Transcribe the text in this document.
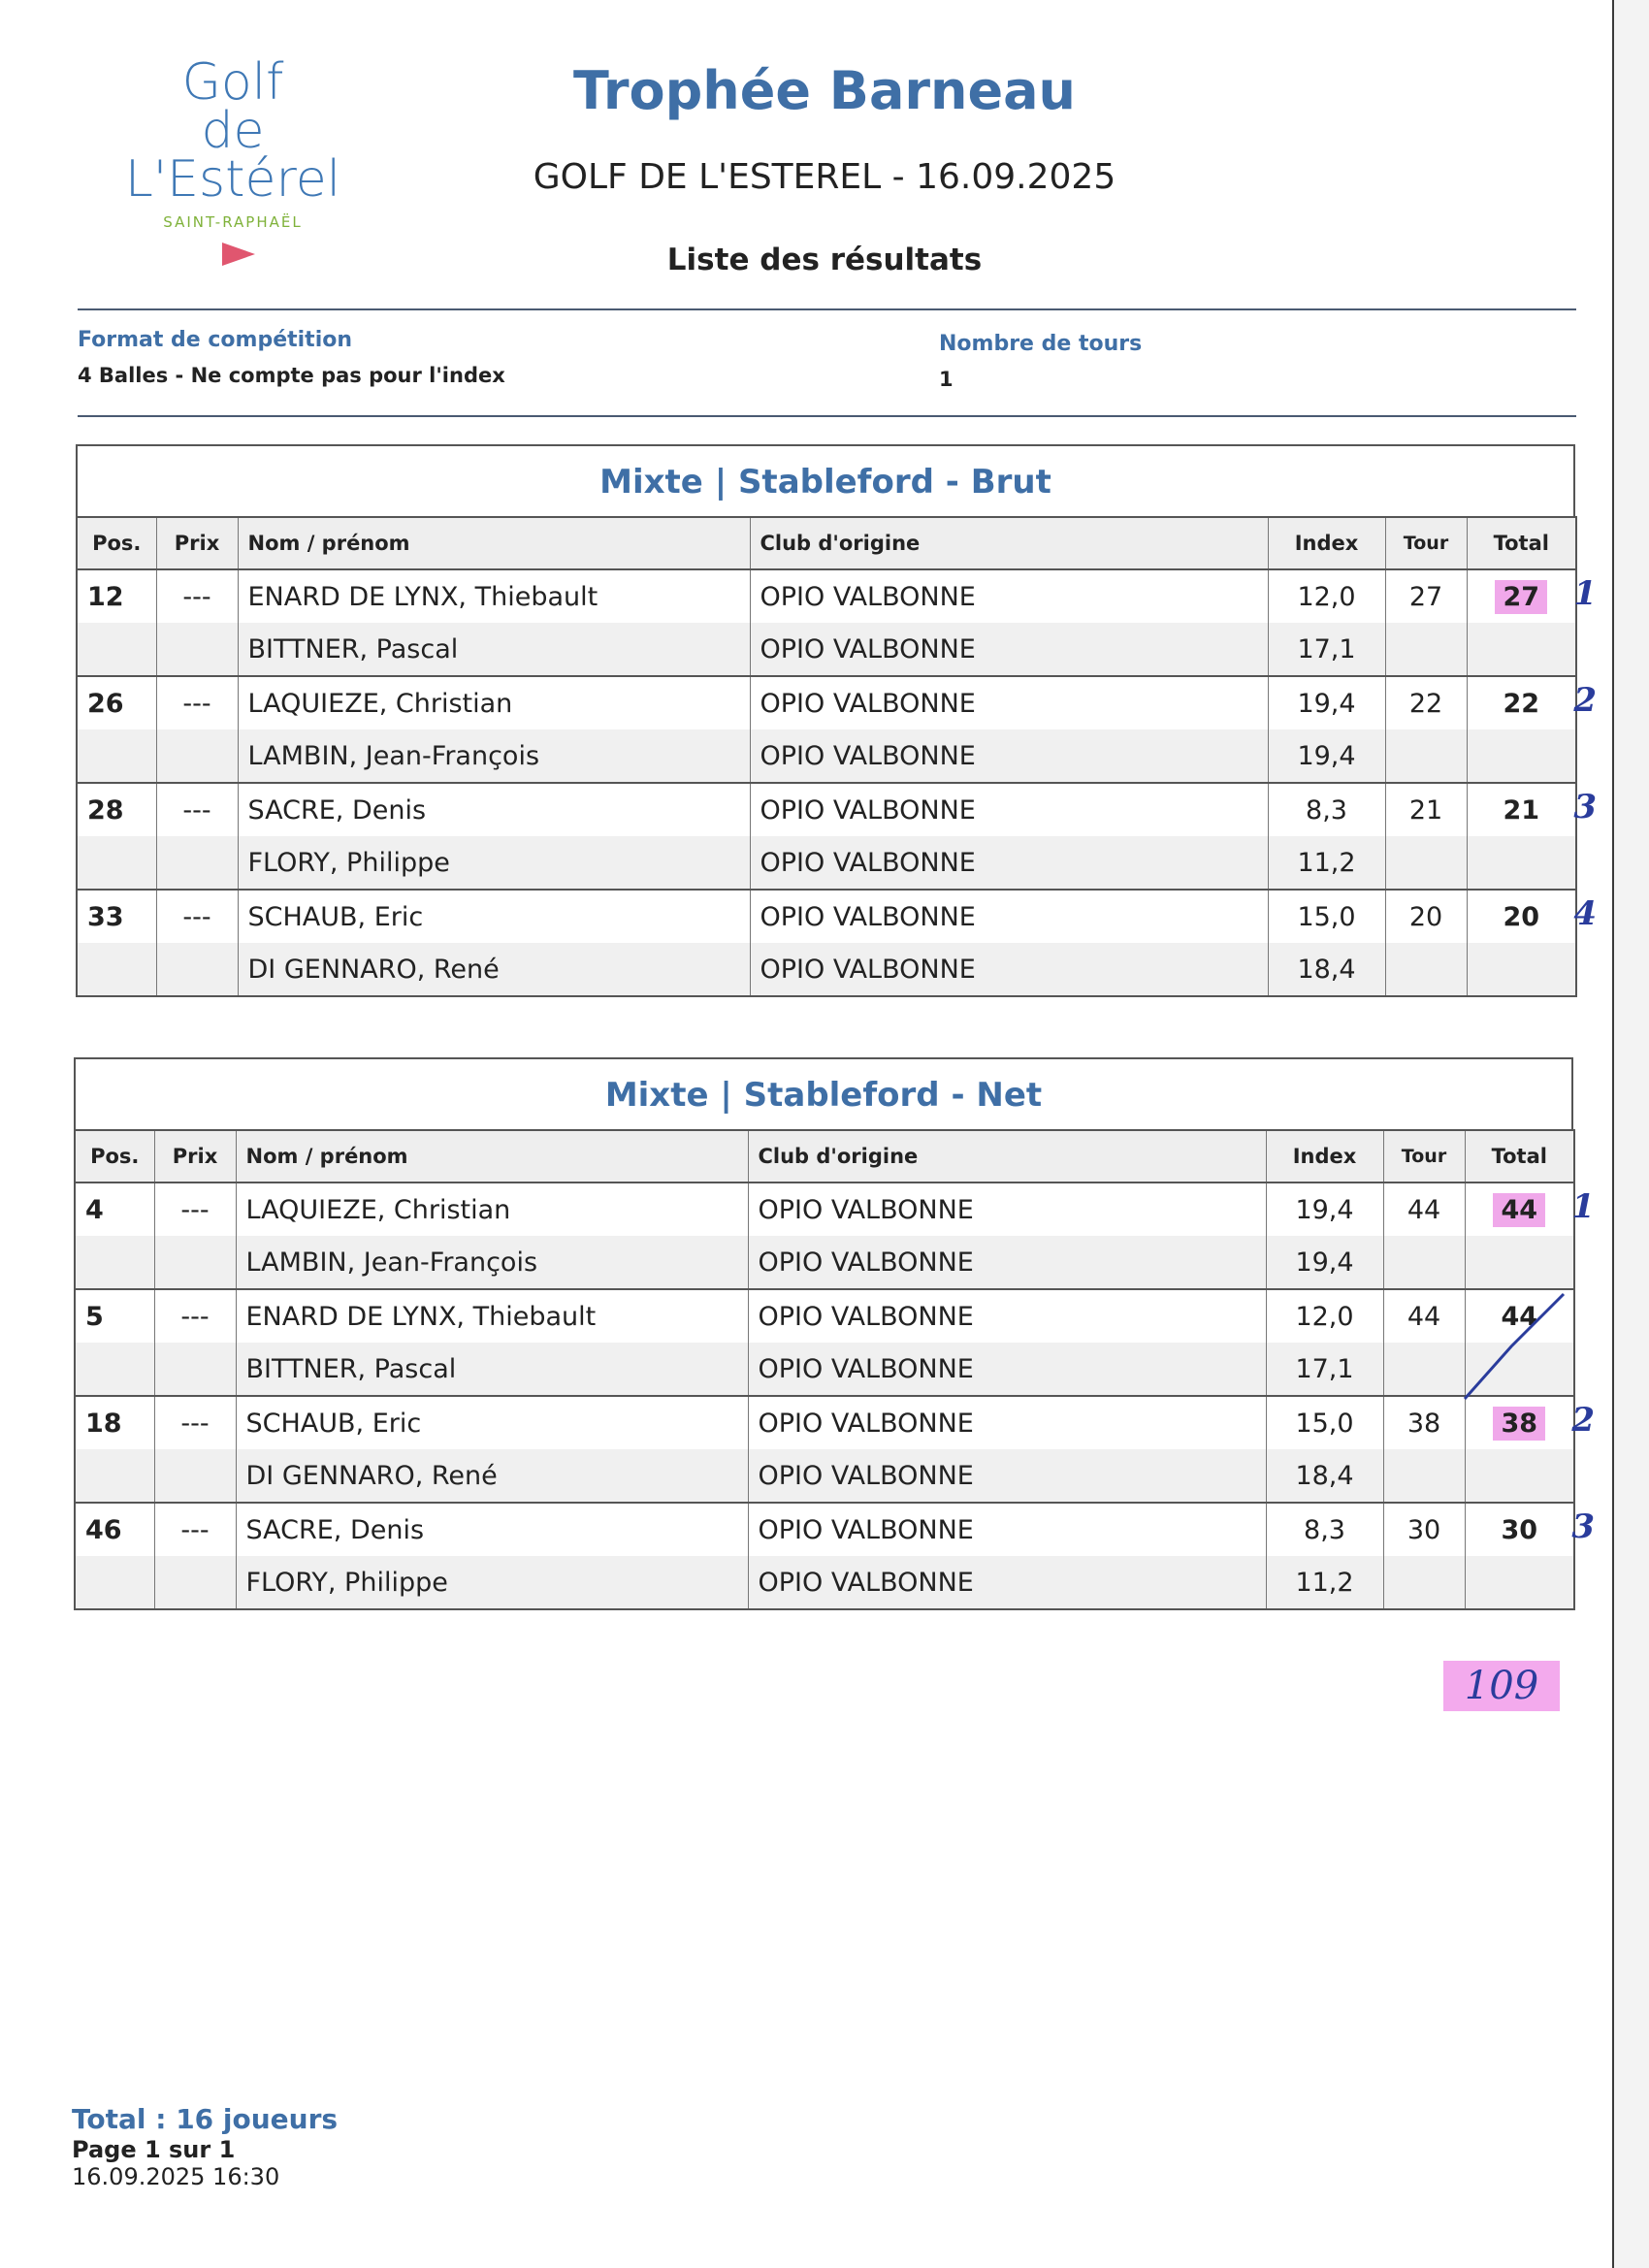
Golf
de
L'Estérel
SAINT-RAPHAËL
Trophée Barneau
GOLF DE L'ESTEREL - 16.09.2025
Liste des résultats
Format de compétition
4 Balles - Ne compte pas pour l'index
Nombre de tours
1
Mixte | Stableford - Brut
Pos.	Prix	Nom / prénom	Club d'origine	Index	Tour	Total
12	---	ENARD DE LYNX, Thiebault	OPIO VALBONNE	12,0	27	27 1

		BITTNER, Pascal	OPIO VALBONNE	17,1		
26	---	LAQUIEZE, Christian	OPIO VALBONNE	19,4	22	22 2

		LAMBIN, Jean-François	OPIO VALBONNE	19,4		
28	---	SACRE, Denis	OPIO VALBONNE	8,3	21	21 3

		FLORY, Philippe	OPIO VALBONNE	11,2		
33	---	SCHAUB, Eric	OPIO VALBONNE	15,0	20	20 4

		DI GENNARO, René	OPIO VALBONNE	18,4		
Mixte | Stableford - Net
Pos.	Prix	Nom / prénom	Club d'origine	Index	Tour	Total
4	---	LAQUIEZE, Christian	OPIO VALBONNE	19,4	44	44 1

		LAMBIN, Jean-François	OPIO VALBONNE	19,4		
5	---	ENARD DE LYNX, Thiebault	OPIO VALBONNE	12,0	44	44
		BITTNER, Pascal	OPIO VALBONNE	17,1		
18	---	SCHAUB, Eric	OPIO VALBONNE	15,0	38	38 2

		DI GENNARO, René	OPIO VALBONNE	18,4		
46	---	SACRE, Denis	OPIO VALBONNE	8,3	30	30 3

		FLORY, Philippe	OPIO VALBONNE	11,2		
109
Total : 16 joueurs
Page 1 sur 1
16.09.2025 16:30
